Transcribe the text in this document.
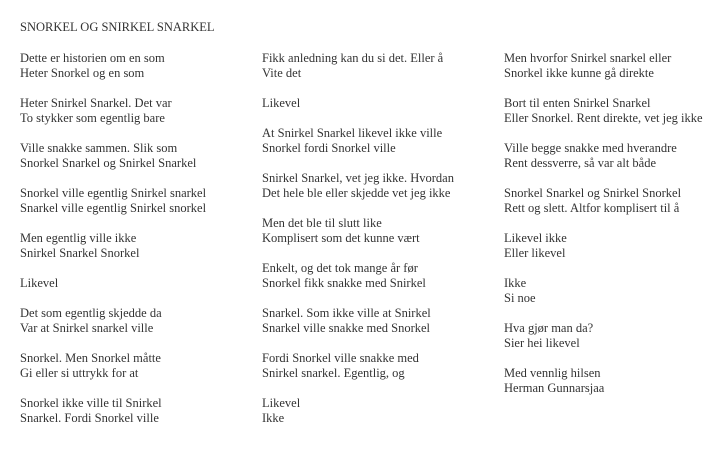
SNORKEL OG SNIRKEL SNARKEL
Dette er historien om en som
Heter Snorkel og en som
Heter Snirkel Snarkel. Det var
To stykker som egentlig bare
Ville snakke sammen. Slik som
Snorkel Snarkel og Snirkel Snarkel
Snorkel ville egentlig Snirkel snarkel
Snarkel ville egentlig Snirkel snorkel
Men egentlig ville ikke
Snirkel Snarkel Snorkel
Likevel
Det som egentlig skjedde da
Var at Snirkel snarkel ville
Snorkel. Men Snorkel måtte
Gi eller si uttrykk for at
Snorkel ikke ville til Snirkel
Snarkel. Fordi Snorkel ville
Fikk anledning kan du si det. Eller å
Vite det
Likevel
At Snirkel Snarkel likevel ikke ville
Snorkel fordi Snorkel ville
Snirkel Snarkel, vet jeg ikke. Hvordan
Det hele ble eller skjedde vet jeg ikke
Men det ble til slutt like
Komplisert som det kunne vært
Enkelt, og det tok mange år før
Snorkel fikk snakke med Snirkel
Snarkel. Som ikke ville at Snirkel
Snarkel ville snakke med Snorkel
Fordi Snorkel ville snakke med
Snirkel snarkel. Egentlig, og
Likevel
Ikke
Men hvorfor Snirkel snarkel eller
Snorkel ikke kunne gå direkte
Bort til enten Snirkel Snarkel
Eller Snorkel. Rent direkte, vet jeg ikke
Ville begge snakke med hverandre
Rent dessverre, så var alt både
Snorkel Snarkel og Snirkel Snorkel
Rett og slett. Altfor komplisert til å
Likevel ikke
Eller likevel
Ikke
Si noe
Hva gjør man da?
Sier hei likevel
Med vennlig hilsen
Herman Gunnarsjaa
